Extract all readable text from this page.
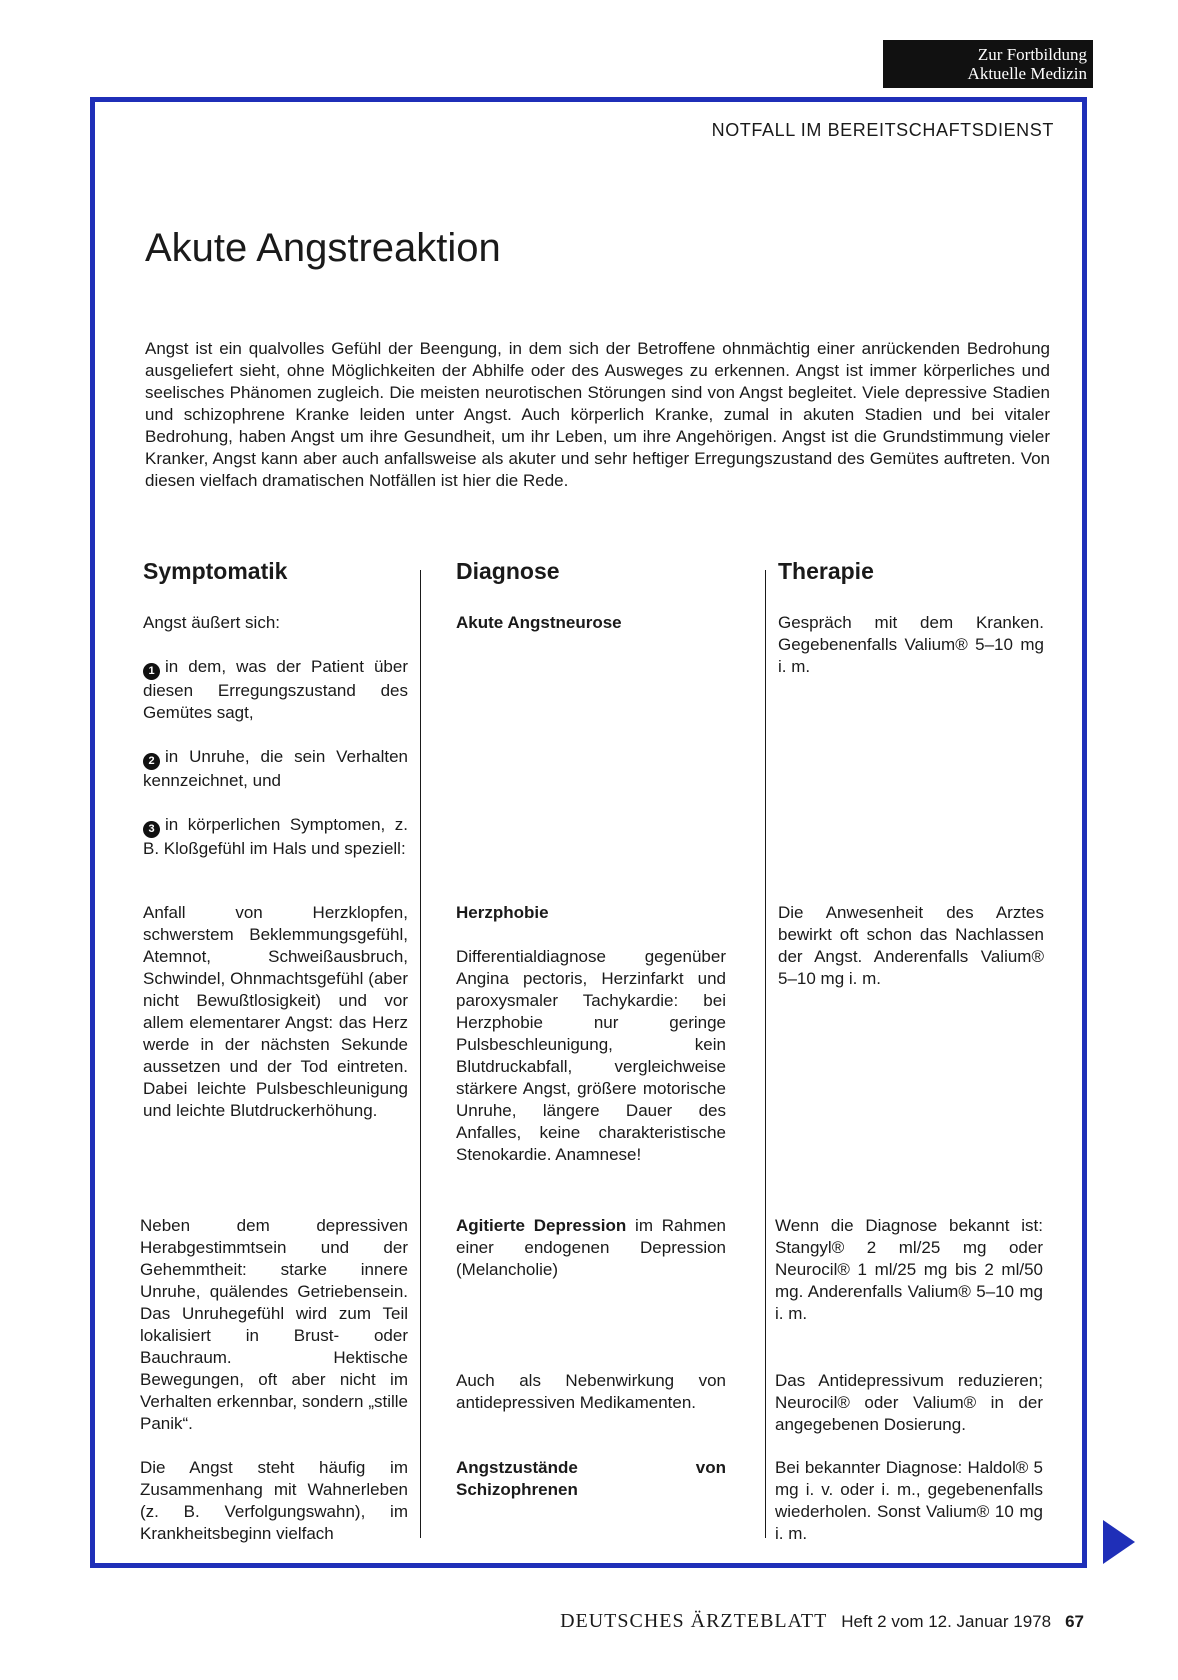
Zur Fortbildung
Aktuelle Medizin
NOTFALL IM BEREITSCHAFTSDIENST
Akute Angstreaktion

Angst ist ein qualvolles Gefühl der Beengung, in dem sich der Betroffene ohnmächtig einer anrückenden Bedrohung ausgeliefert sieht, ohne Möglichkeiten der Abhilfe oder des Ausweges zu erkennen. Angst ist immer körperliches und seelisches Phänomen zugleich. Die meisten neurotischen Störungen sind von Angst begleitet. Viele depressive Stadien und schizophrene Kranke leiden unter Angst. Auch körperlich Kranke, zumal in akuten Stadien und bei vitaler Bedrohung, haben Angst um ihre Gesundheit, um ihr Leben, um ihre Angehörigen. Angst ist die Grundstimmung vieler Kranker, Angst kann aber auch anfallsweise als akuter und sehr heftiger Erregungszustand des Gemütes auftreten. Von diesen vielfach dramatischen Notfällen ist hier die Rede.

Symptomatik	Diagnose	Therapie

Angst äußert sich:

1 in dem, was der Patient über diesen Erregungszustand des Gemütes sagt,

2 in Unruhe, die sein Verhalten kennzeichnet, und

3 in körperlichen Symptomen, z. B. Kloßgefühl im Hals und speziell:

Anfall von Herzklopfen, schwerstem Beklemmungsgefühl, Atemnot, Schweißausbruch, Schwindel, Ohnmachtsgefühl (aber nicht Bewußtlosigkeit) und vor allem elementarer Angst: das Herz werde in der nächsten Sekunde aussetzen und der Tod eintreten. Dabei leichte Pulsbeschleunigung und leichte Blutdruckerhöhung.

Neben dem depressiven Herabgestimmtsein und der Gehemmtheit: starke innere Unruhe, quälendes Getriebensein. Das Unruhegefühl wird zum Teil lokalisiert in Brust- oder Bauchraum. Hektische Bewegungen, oft aber nicht im Verhalten erkennbar, sondern „stille Panik“.

Die Angst steht häufig im Zusammenhang mit Wahnerleben (z. B. Verfolgungswahn), im Krankheitsbeginn vielfach

Akute Angstneurose

Herzphobie

Differentialdiagnose gegenüber Angina pectoris, Herzinfarkt und paroxysmaler Tachykardie: bei Herzphobie nur geringe Pulsbeschleunigung, kein Blutdruckabfall, vergleichweise stärkere Angst, größere motorische Unruhe, längere Dauer des Anfalles, keine charakteristische Stenokardie. Anamnese!

Agitierte Depression im Rahmen einer endogenen Depression (Melancholie)

Auch als Nebenwirkung von antidepressiven Medikamenten.

Angstzustände von Schizophrenen

Gespräch mit dem Kranken. Gegebenenfalls Valium® 5–10 mg i. m.

Die Anwesenheit des Arztes bewirkt oft schon das Nachlassen der Angst. Anderenfalls Valium® 5–10 mg i. m.

Wenn die Diagnose bekannt ist: Stangyl® 2 ml/25 mg oder Neurocil® 1 ml/25 mg bis 2 ml/50 mg. Anderenfalls Valium® 5–10 mg i. m.

Das Antidepressivum reduzieren; Neurocil® oder Valium® in der angegebenen Dosierung.

Bei bekannter Diagnose: Haldol® 5 mg i. v. oder i. m., gegebenenfalls wiederholen. Sonst Valium® 10 mg i. m.

DEUTSCHES ÄRZTEBLATT Heft 2 vom 12. Januar 1978 67
